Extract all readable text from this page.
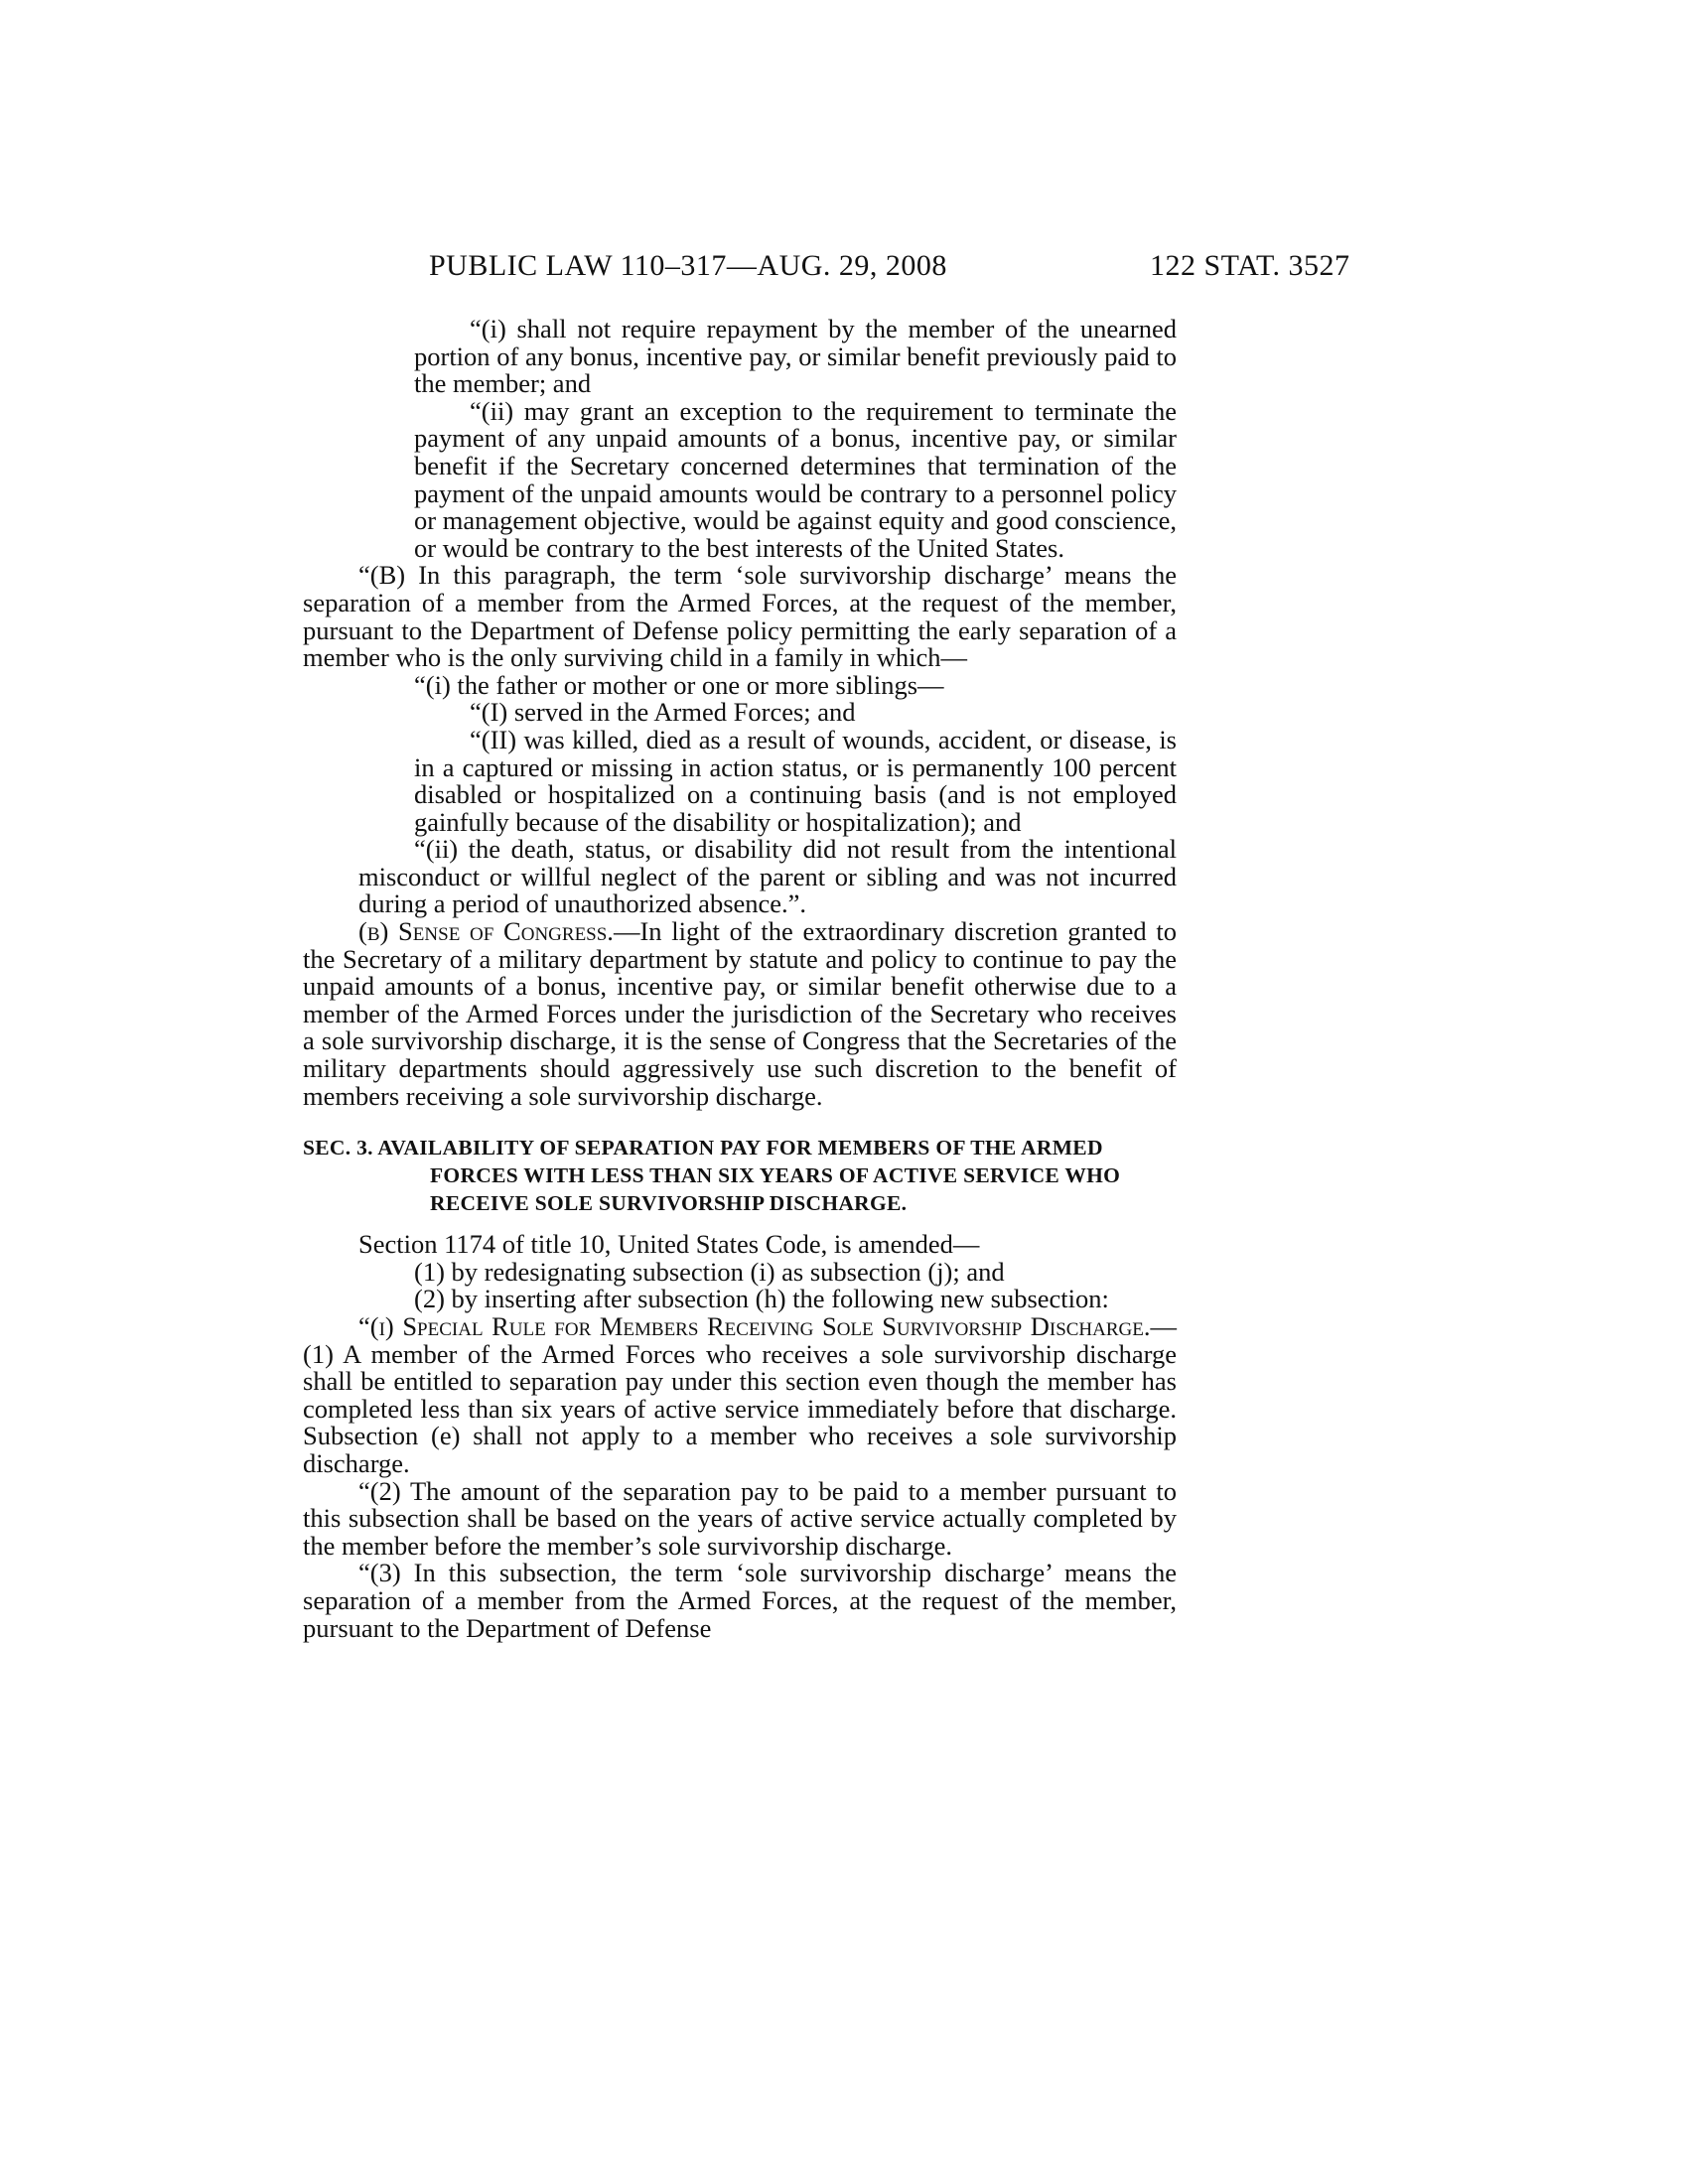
PUBLIC LAW 110–317—AUG. 29, 2008	122 STAT. 3527

“(i) shall not require repayment by the member of the unearned portion of any bonus, incentive pay, or similar benefit previously paid to the member; and

“(ii) may grant an exception to the requirement to terminate the payment of any unpaid amounts of a bonus, incentive pay, or similar benefit if the Secretary concerned determines that termination of the payment of the unpaid amounts would be contrary to a personnel policy or management objective, would be against equity and good conscience, or would be contrary to the best interests of the United States.

“(B) In this paragraph, the term ‘sole survivorship discharge’ means the separation of a member from the Armed Forces, at the request of the member, pursuant to the Department of Defense policy permitting the early separation of a member who is the only surviving child in a family in which—

“(i) the father or mother or one or more siblings—

“(I) served in the Armed Forces; and

“(II) was killed, died as a result of wounds, accident, or disease, is in a captured or missing in action status, or is permanently 100 percent disabled or hospitalized on a continuing basis (and is not employed gainfully because of the disability or hospitalization); and

“(ii) the death, status, or disability did not result from the intentional misconduct or willful neglect of the parent or sibling and was not incurred during a period of unauthorized absence.”.

(b) Sense of Congress.—In light of the extraordinary discretion granted to the Secretary of a military department by statute and policy to continue to pay the unpaid amounts of a bonus, incentive pay, or similar benefit otherwise due to a member of the Armed Forces under the jurisdiction of the Secretary who receives a sole survivorship discharge, it is the sense of Congress that the Secretaries of the military departments should aggressively use such discretion to the benefit of members receiving a sole survivorship discharge.

SEC. 3. AVAILABILITY OF SEPARATION PAY FOR MEMBERS OF THE ARMED FORCES WITH LESS THAN SIX YEARS OF ACTIVE SERVICE WHO RECEIVE SOLE SURVIVORSHIP DISCHARGE.

Section 1174 of title 10, United States Code, is amended—

(1) by redesignating subsection (i) as subsection (j); and

(2) by inserting after subsection (h) the following new subsection:

“(i) Special Rule for Members Receiving Sole Survivorship Discharge.—(1) A member of the Armed Forces who receives a sole survivorship discharge shall be entitled to separation pay under this section even though the member has completed less than six years of active service immediately before that discharge. Subsection (e) shall not apply to a member who receives a sole survivorship discharge.

“(2) The amount of the separation pay to be paid to a member pursuant to this subsection shall be based on the years of active service actually completed by the member before the member’s sole survivorship discharge.

“(3) In this subsection, the term ‘sole survivorship discharge’ means the separation of a member from the Armed Forces, at the request of the member, pursuant to the Department of Defense
